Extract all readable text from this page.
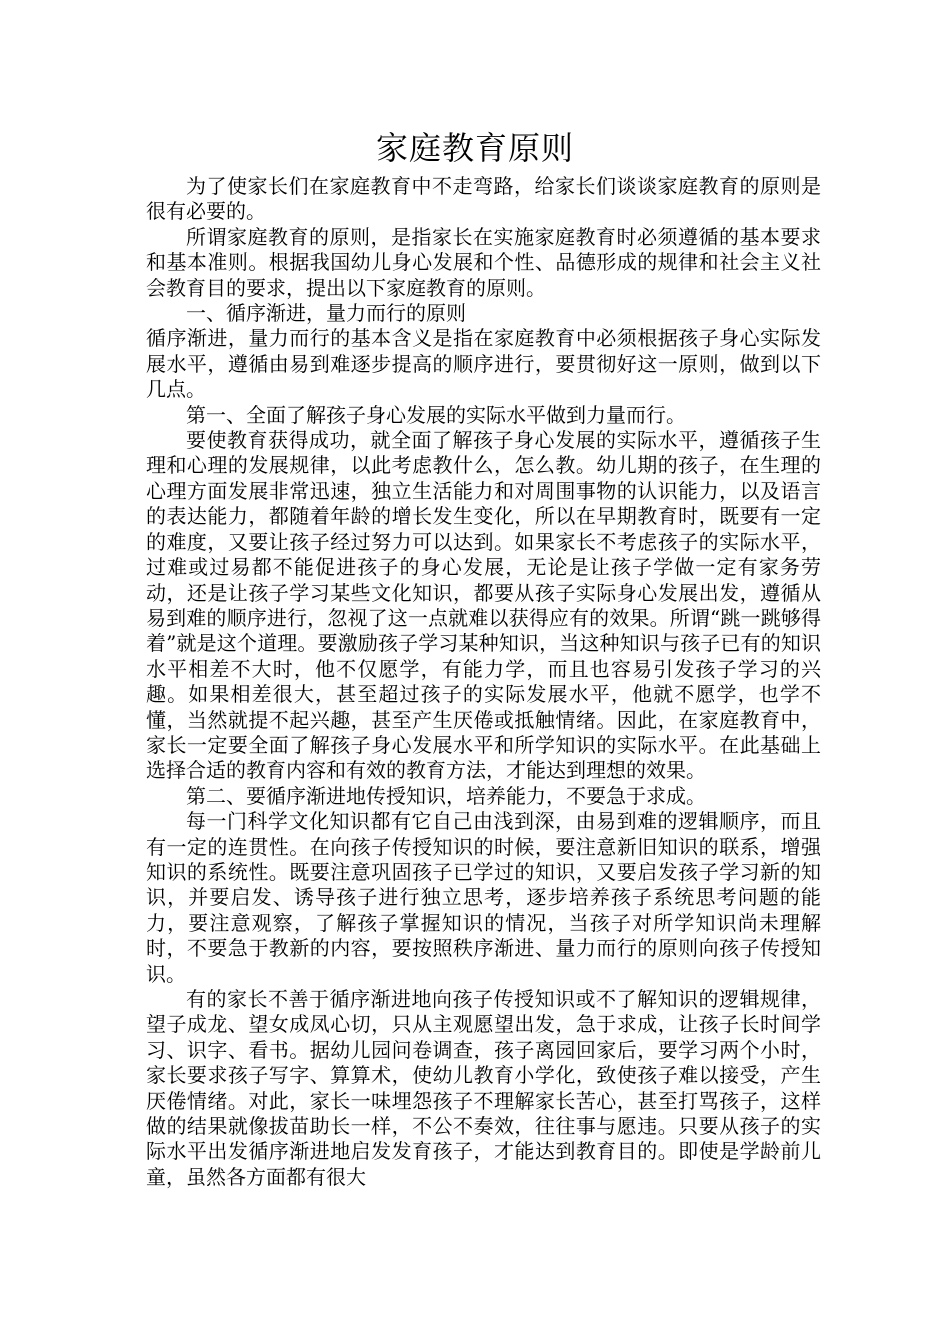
家庭教育原则

为了使家长们在家庭教育中不走弯路，给家长们谈谈家庭教育的原则是很有必要的。

所谓家庭教育的原则，是指家长在实施家庭教育时必须遵循的基本要求和基本准则。根据我国幼儿身心发展和个性、品德形成的规律和社会主义社会教育目的要求，提出以下家庭教育的原则。

一、循序渐进，量力而行的原则

循序渐进，量力而行的基本含义是指在家庭教育中必须根据孩子身心实际发展水平，遵循由易到难逐步提高的顺序进行，要贯彻好这一原则，做到以下几点。

第一、全面了解孩子身心发展的实际水平做到力量而行。

要使教育获得成功，就全面了解孩子身心发展的实际水平，遵循孩子生理和心理的发展规律，以此考虑教什么，怎么教。幼儿期的孩子，在生理的心理方面发展非常迅速，独立生活能力和对周围事物的认识能力，以及语言的表达能力，都随着年龄的增长发生变化，所以在早期教育时，既要有一定的难度，又要让孩子经过努力可以达到。如果家长不考虑孩子的实际水平，过难或过易都不能促进孩子的身心发展，无论是让孩子学做一定有家务劳动，还是让孩子学习某些文化知识，都要从孩子实际身心发展出发，遵循从易到难的顺序进行，忽视了这一点就难以获得应有的效果。所谓“跳一跳够得着”就是这个道理。要激励孩子学习某种知识，当这种知识与孩子已有的知识水平相差不大时，他不仅愿学，有能力学，而且也容易引发孩子学习的兴趣。如果相差很大，甚至超过孩子的实际发展水平，他就不愿学，也学不懂，当然就提不起兴趣，甚至产生厌倦或抵触情绪。因此，在家庭教育中，家长一定要全面了解孩子身心发展水平和所学知识的实际水平。在此基础上选择合适的教育内容和有效的教育方法，才能达到理想的效果。

第二、要循序渐进地传授知识，培养能力，不要急于求成。

每一门科学文化知识都有它自己由浅到深，由易到难的逻辑顺序，而且有一定的连贯性。在向孩子传授知识的时候，要注意新旧知识的联系，增强知识的系统性。既要注意巩固孩子已学过的知识，又要启发孩子学习新的知识，并要启发、诱导孩子进行独立思考，逐步培养孩子系统思考问题的能力，要注意观察，了解孩子掌握知识的情况，当孩子对所学知识尚未理解时，不要急于教新的内容，要按照秩序渐进、量力而行的原则向孩子传授知识。

有的家长不善于循序渐进地向孩子传授知识或不了解知识的逻辑规律，望子成龙、望女成凤心切，只从主观愿望出发，急于求成，让孩子长时间学习、识字、看书。据幼儿园问卷调查，孩子离园回家后，要学习两个小时，家长要求孩子写字、算算术，使幼儿教育小学化，致使孩子难以接受，产生厌倦情绪。对此，家长一味埋怨孩子不理解家长苦心，甚至打骂孩子，这样做的结果就像拔苗助长一样，不公不奏效，往往事与愿违。只要从孩子的实际水平出发循序渐进地启发发育孩子，才能达到教育目的。即使是学龄前儿童，虽然各方面都有很大
